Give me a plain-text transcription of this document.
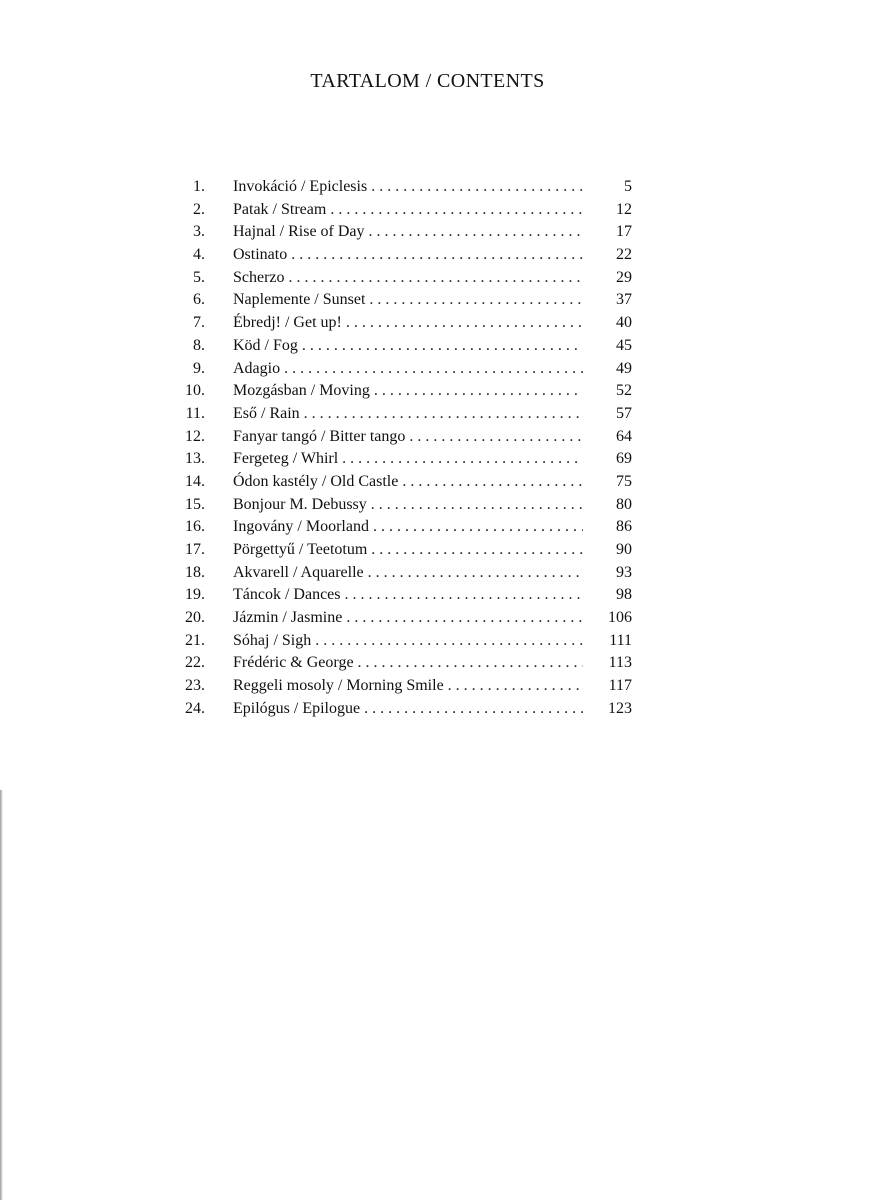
TARTALOM / CONTENTS
1. Invokáció / Epiclesis . . .	5
2. Patak / Stream . . .	12
3. Hajnal / Rise of Day . . .	17
4. Ostinato . . .	22
5. Scherzo . . .	29
6. Naplemente / Sunset . . .	37
7. Ébredj! / Get up! . . .	40
8. Köd / Fog . . .	45
9. Adagio . . .	49
10. Mozgásban / Moving . . .	52
11. Eső / Rain . . .	57
12. Fanyar tangó / Bitter tango . . .	64
13. Fergeteg / Whirl . . .	69
14. Ódon kastély / Old Castle . . .	75
15. Bonjour M. Debussy . . .	80
16. Ingovány / Moorland . . .	86
17. Pörgettyű / Teetotum . . .	90
18. Akvarell / Aquarelle . . .	93
19. Táncok / Dances . . .	98
20. Jázmin / Jasmine . . .	106
21. Sóhaj / Sigh . . .	111
22. Frédéric & George . . .	113
23. Reggeli mosoly / Morning Smile . . .	117
24. Epilógus / Epilogue . . .	123
